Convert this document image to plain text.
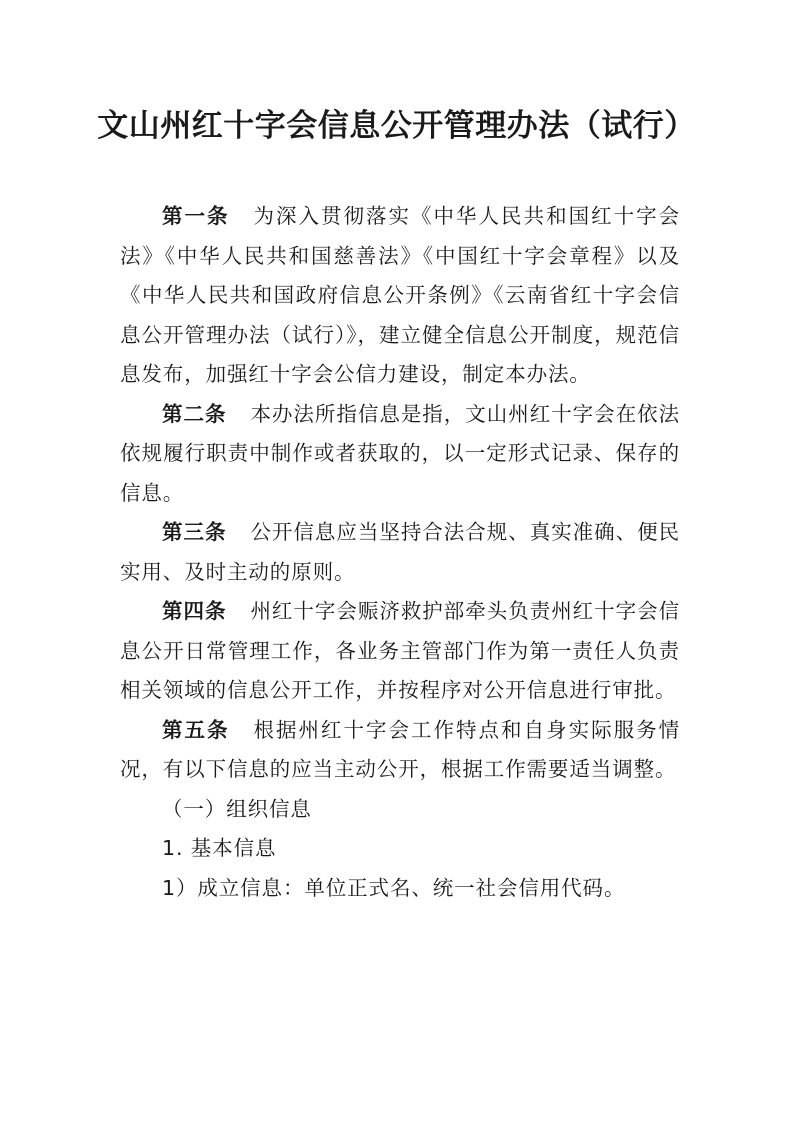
文山州红十字会信息公开管理办法（试行）

第一条 为深入贯彻落实《中华人民共和国红十字会法》《中华人民共和国慈善法》《中国红十字会章程》以及《中华人民共和国政府信息公开条例》《云南省红十字会信息公开管理办法（试行）》，建立健全信息公开制度，规范信息发布，加强红十字会公信力建设，制定本办法。

第二条 本办法所指信息是指，文山州红十字会在依法依规履行职责中制作或者获取的，以一定形式记录、保存的信息。

第三条 公开信息应当坚持合法合规、真实准确、便民实用、及时主动的原则。

第四条 州红十字会赈济救护部牵头负责州红十字会信息公开日常管理工作，各业务主管部门作为第一责任人负责相关领域的信息公开工作，并按程序对公开信息进行审批。

第五条 根据州红十字会工作特点和自身实际服务情况，有以下信息的应当主动公开，根据工作需要适当调整。

（一）组织信息

1. 基本信息

1）成立信息：单位正式名、统一社会信用代码。
